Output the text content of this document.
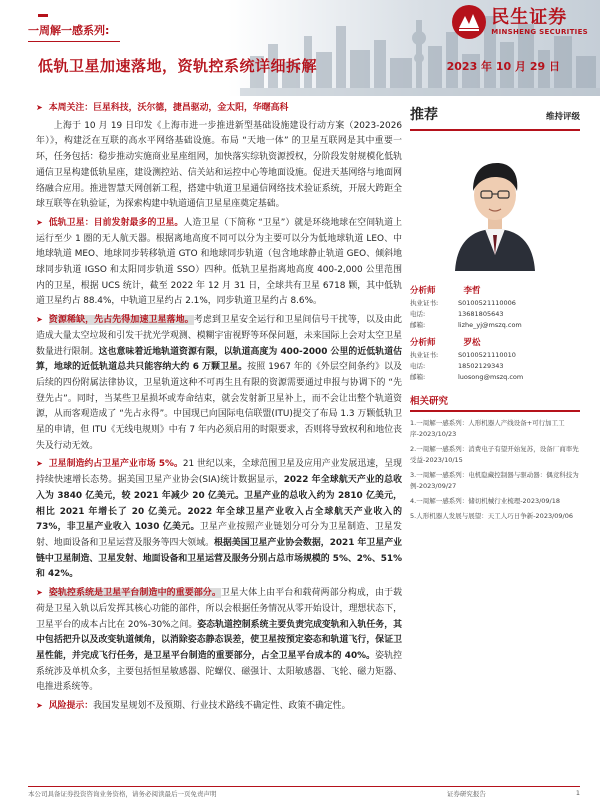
一周解一感系列:
低轨卫星加速落地，资轨控系统详细拆解	2023 年 10 月 29 日
民生证券
MINSHENG SECURITIES

➤ 本周关注：巨星科技，沃尔德，捷昌驱动，金太阳，华曙高科

上海于 10 月 19 日印发《上海市进一步推进新型基础设施建设行动方案（2023-2026 年）》，构建泛在互联的高水平网络基础设施。布局 “天地一体” 的卫星互联网是其中重要一环，任务包括：稳步推动实施商业星座组网，加快落实综轨资源授权，分阶段发射规模化低轨通信卫星构建低轨星座，建设测控站、信关站和运控中心等地面设施。促进天基网络与地面网络融合应用。推进智慧天网创新工程，搭建中轨道卫星通信网络技术验证系统，开展大跨距全球互联等在轨验证，为探索构建中轨道通信卫星星座奠定基础。

➤ 低轨卫星：目前发射最多的卫星。人造卫星（下简称 “卫星”）就是环绕地球在空间轨道上运行至少 1 圈的无人航天器。根据离地高度不同可以分为主要可以分为低地球轨道 LEO、中地球轨道 MEO、地球同步转移轨道 GTO 和地球同步轨道（包含地球静止轨道 GEO、倾斜地球同步轨道 IGSO 和太阳同步轨道 SSO）四种。低轨卫星指离地高度 400-2,000 公里范围内的卫星，根据 UCS 统计，截至 2022 年 12 月 31 日，全球共有卫星 6718 颗，其中低轨道卫星约占 88.4%，中轨道卫星约占 2.1%，同步轨道卫星约占 8.6%。

➤ 资源稀缺，先占先得加速卫星落地。考虑到卫星安全运行和卫星间信号干扰等，以及由此造成大量太空垃圾和引发干扰光学观测、模糊宇宙视野等环保问题，未来国际上会对太空卫星数量进行限制。这也意味着近地轨道资源有限，以轨道高度为 400-2000 公里的近低轨道估算，地球的近低轨道总共只能容纳大约 6 万颗卫星。按照 1967 年的《外层空间条约》以及后续的四份附属法律协议，卫星轨道这种不可再生且有限的资源需要通过申报与协调下的 “先登先占”。同时，当某些卫星损坏或寿命结束，就会发射新卫星补上，而不会让出整个轨道资源，从而客观造成了 “先占永得”。中国现已向国际电信联盟(ITU)提交了布局 1.3 万颗低轨卫星的申请，但 ITU《无线电规则》中有 7 年内必须启用的时限要求，否则将导致权利和地位丧失及行动无效。

➤ 卫星制造约占卫星产业市场 5%。21 世纪以来，全球范围卫星及应用产业发展迅速，呈现持续快速增长态势。据美国卫星产业协会(SIA)统计数据显示，2022 年全球航天产业的总收入为 3840 亿美元，较 2021 年减少 20 亿美元。卫星产业的总收入约为 2810 亿美元，相比 2021 年增长了 20 亿美元。2022 年全球卫星产业收入占全球航天产业收入的 73%，非卫星产业收入 1030 亿美元。卫星产业按照产业链划分可分为卫星制造、卫星发射、地面设备和卫星运营及服务等四大领域。根据美国卫星产业协会数据，2021 年卫星产业链中卫星制造、卫星发射、地面设备和卫星运营及服务分别占总市场规模的 5%、2%、51%和 42%。

➤ 姿轨控系统是卫星平台制造中的重要部分。卫星大体上由平台和载荷两部分构成，由于载荷是卫星入轨以后发挥其核心功能的部件，所以会根据任务情况从零开始设计，理想状态下，卫星平台的成本占比在 20%-30%之间。姿态轨道控制系统主要负责完成变轨和入轨任务，其中包括把升以及改变轨道倾角，以消除姿态静态误差，使卫星按预定姿态和轨道飞行，保证卫星性能，并完成飞行任务，是卫星平台制造的重要部分，占全卫星平台成本的 40%。姿轨控系统涉及单机众多，主要包括恒星敏感器、陀螺仪、磁强计、太阳敏感器、飞轮、磁力矩器、电推进系统等。

➤ 风险提示：我国发星规划不及预期、行业技术路线不确定性、政策不确定性。

推荐	维持评级
分析师	李哲
执业证书:	S0100521110006
电话:	13681805643
邮箱:	lizhe_yj@mszq.com
分析师	罗松
执业证书:	S0100521110010
电话:	18502129343
邮箱:	luosong@mszq.com
相关研究
1.一周解一感系列：人形机器人产线设备+可行加工工序-2023/10/23
2.一周解一感系列：消费电子有望开始复苏，设备厂商率先受益-2023/10/15
3.一周解一感系列：电机隐藏控制器与驱动器：偶竞科技为例-2023/09/27
4.一周解一感系列：储切机械行业梳理-2023/09/18
5.人形机器人发展与展望：天工人巧日争新-2023/09/06
本公司具备证券投资咨询业务资格，请务必阅读最后一页免责声明	证券研究报告	1
